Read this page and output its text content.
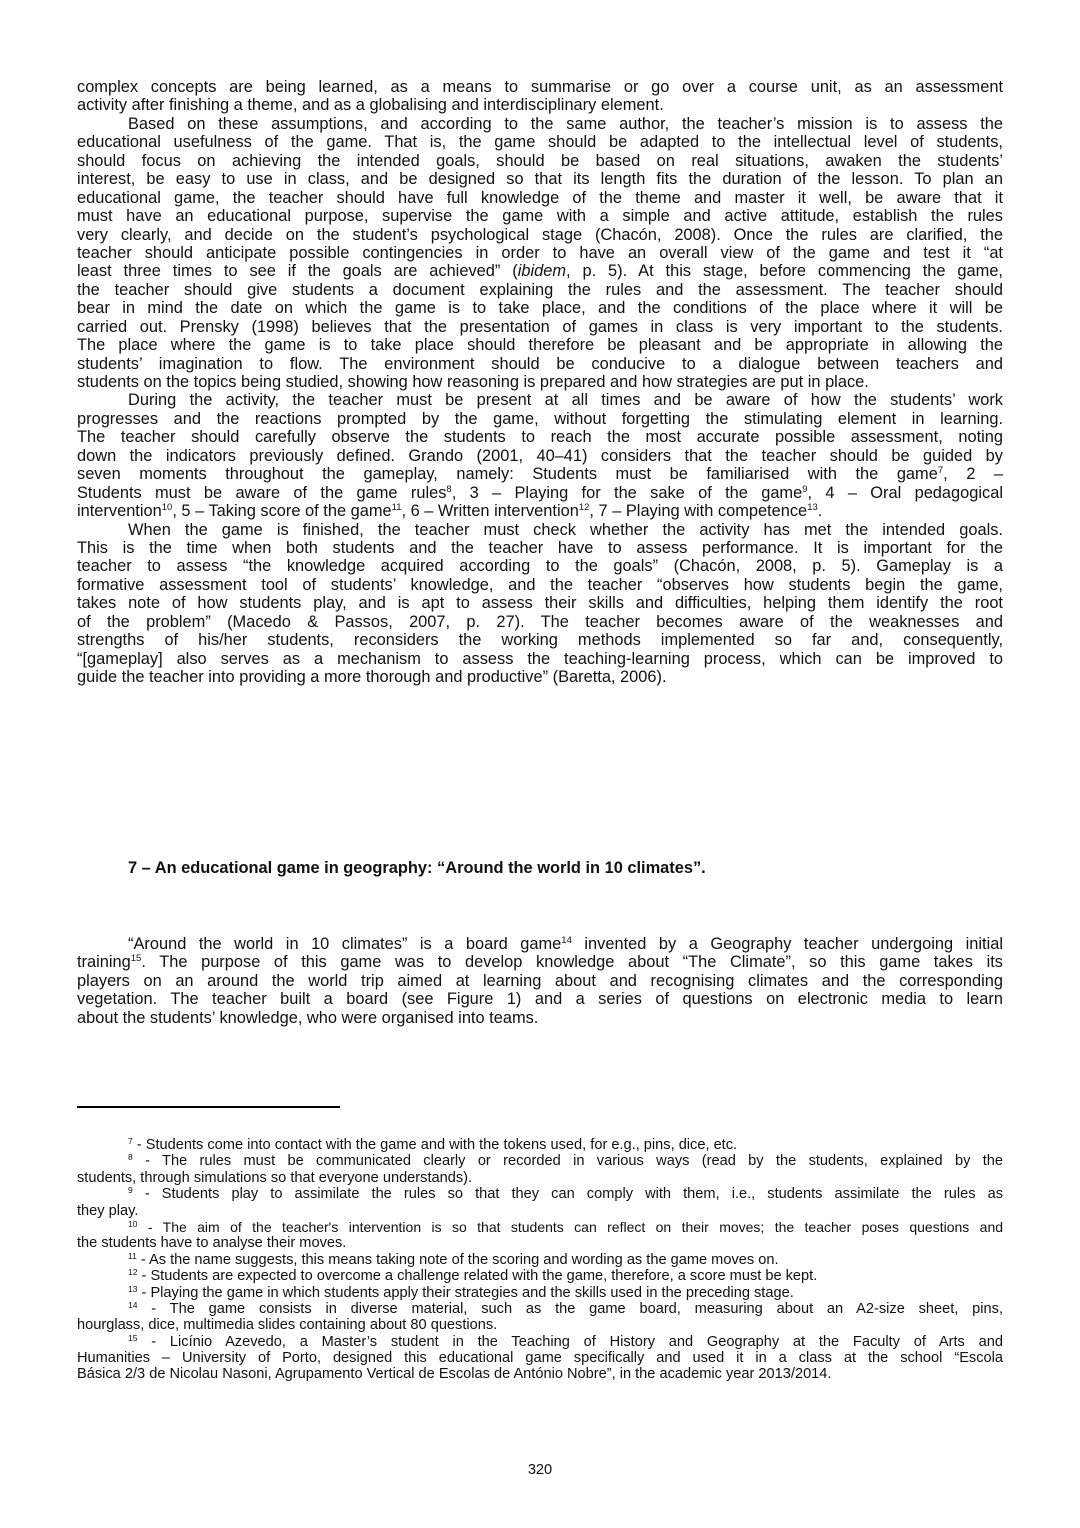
complex concepts are being learned, as a means to summarise or go over a course unit, as an assessment
activity after finishing a theme, and as a globalising and interdisciplinary element.

Based on these assumptions, and according to the same author, the teacher’s mission is to assess the
educational usefulness of the game. That is, the game should be adapted to the intellectual level of students,
should focus on achieving the intended goals, should be based on real situations, awaken the students’
interest, be easy to use in class, and be designed so that its length fits the duration of the lesson. To plan an
educational game, the teacher should have full knowledge of the theme and master it well, be aware that it
must have an educational purpose, supervise the game with a simple and active attitude, establish the rules
very clearly, and decide on the student’s psychological stage (Chacón, 2008). Once the rules are clarified, the
teacher should anticipate possible contingencies in order to have an overall view of the game and test it “at
least three times to see if the goals are achieved” (ibidem, p. 5). At this stage, before commencing the game,
the teacher should give students a document explaining the rules and the assessment. The teacher should
bear in mind the date on which the game is to take place, and the conditions of the place where it will be
carried out. Prensky (1998) believes that the presentation of games in class is very important to the students.
The place where the game is to take place should therefore be pleasant and be appropriate in allowing the
students’ imagination to flow. The environment should be conducive to a dialogue between teachers and
students on the topics being studied, showing how reasoning is prepared and how strategies are put in place.

During the activity, the teacher must be present at all times and be aware of how the students’ work
progresses and the reactions prompted by the game, without forgetting the stimulating element in learning.
The teacher should carefully observe the students to reach the most accurate possible assessment, noting
down the indicators previously defined. Grando (2001, 40–41) considers that the teacher should be guided by
seven moments throughout the gameplay, namely: Students must be familiarised with the game$^7$, 2 –
Students must be aware of the game rules$^8$, 3 – Playing for the sake of the game$^9$, 4 – Oral pedagogical
intervention$^{10}$, 5 – Taking score of the game$^{11}$, 6 – Written intervention$^{12}$, 7 – Playing with competence$^{13}$.

When the game is finished, the teacher must check whether the activity has met the intended goals.
This is the time when both students and the teacher have to assess performance. It is important for the
teacher to assess “the knowledge acquired according to the goals” (Chacón, 2008, p. 5). Gameplay is a
formative assessment tool of students’ knowledge, and the teacher “observes how students begin the game,
takes note of how students play, and is apt to assess their skills and difficulties, helping them identify the root
of the problem” (Macedo & Passos, 2007, p. 27). The teacher becomes aware of the weaknesses and
strengths of his/her students, reconsiders the working methods implemented so far and, consequently,
“[gameplay] also serves as a mechanism to assess the teaching-learning process, which can be improved to
guide the teacher into providing a more thorough and productive” (Baretta, 2006).

7 – An educational game in geography: “Around the world in 10 climates”.

“Around the world in 10 climates” is a board game$^{14}$ invented by a Geography teacher undergoing initial
training$^{15}$. The purpose of this game was to develop knowledge about “The Climate”, so this game takes its
players on an around the world trip aimed at learning about and recognising climates and the corresponding
vegetation. The teacher built a board (see Figure 1) and a series of questions on electronic media to learn
about the students’ knowledge, who were organised into teams.

$^7$ - Students come into contact with the game and with the tokens used, for e.g., pins, dice, etc.

$^8$ - The rules must be communicated clearly or recorded in various ways (read by the students, explained by the
students, through simulations so that everyone understands).

$^9$ - Students play to assimilate the rules so that they can comply with them, i.e., students assimilate the rules as
they play.

$^{10}$ - The aim of the teacher's intervention is so that students can reflect on their moves; the teacher poses questions and
the students have to analyse their moves.

$^{11}$ - As the name suggests, this means taking note of the scoring and wording as the game moves on.

$^{12}$ - Students are expected to overcome a challenge related with the game, therefore, a score must be kept.

$^{13}$ - Playing the game in which students apply their strategies and the skills used in the preceding stage.

$^{14}$ - The game consists in diverse material, such as the game board, measuring about an A2-size sheet, pins,
hourglass, dice, multimedia slides containing about 80 questions.

$^{15}$ - Licínio Azevedo, a Master’s student in the Teaching of History and Geography at the Faculty of Arts and
Humanities – University of Porto, designed this educational game specifically and used it in a class at the school “Escola
Básica 2/3 de Nicolau Nasoni, Agrupamento Vertical de Escolas de António Nobre”, in the academic year 2013/2014.

320
